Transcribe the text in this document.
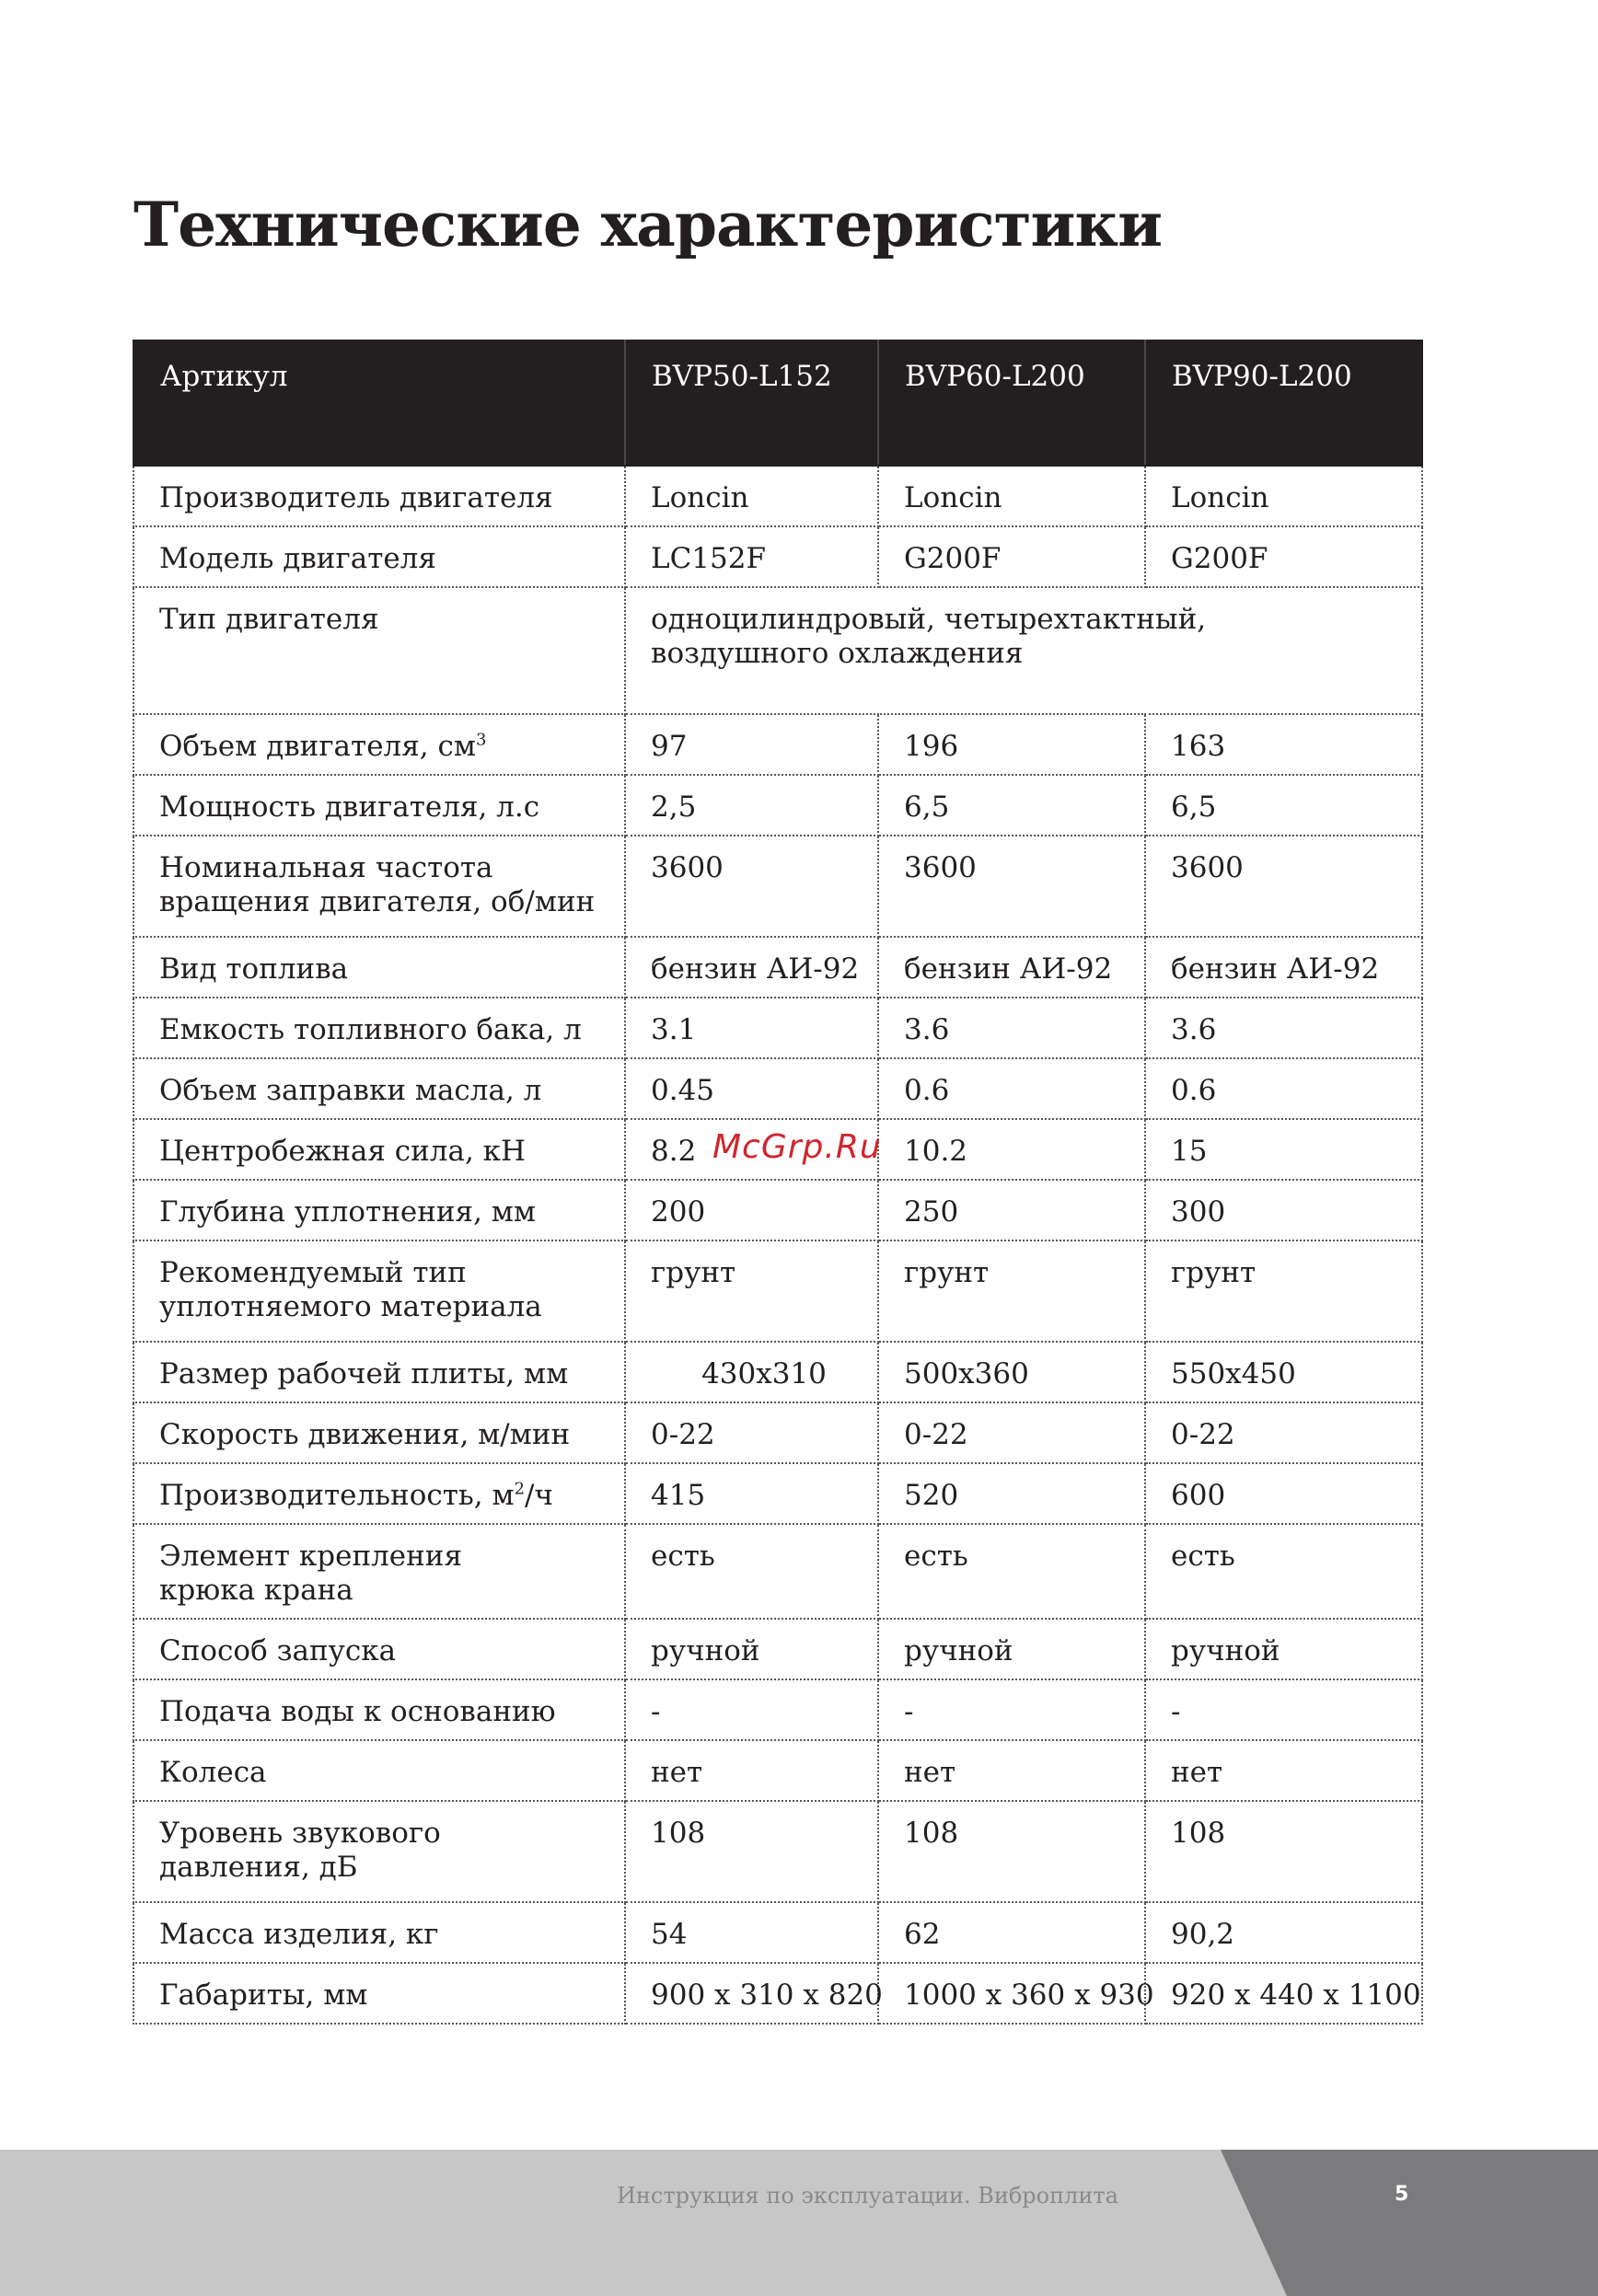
Технические характеристики
Артикул	BVP50-L152	BVP60-L200	BVP90-L200
Производитель двигателя	Loncin	Loncin	Loncin
Модель двигателя	LC152F	G200F	G200F
Тип двигателя	одноцилиндровый, четырехтактный,
воздушного охлаждения		
Объем двигателя, $см^3$	97	196	163
Мощность двигателя, л.с	2,5	6,5	6,5
Номинальная частота
вращения двигателя, об/мин	3600	3600	3600
Вид топлива	бензин АИ-92	бензин АИ-92	бензин АИ-92
Емкость топливного бака, л	3.1	3.6	3.6
Объем заправки масла, л	0.45	0.6	0.6
Центробежная сила, кН	8.2	10.2	15
Глубина уплотнения, мм	200	250	300
Рекомендуемый тип
уплотняемого материала	грунт	грунт	грунт
Размер рабочей плиты, мм	430х310	500х360	550х450
Скорость движения, м/мин	0-22	0-22	0-22
Производительность, $м^2/ч$	415	520	600
Элемент крепления
крюка крана	есть	есть	есть
Способ запуска	ручной	ручной	ручной
Подача воды к основанию	-	-	-
Колеса	нет	нет	нет
Уровень звукового
давления, дБ	108	108	108
Масса изделия, кг	54	62	90,2
Габариты, мм	900 х 310 х 820	1000 х 360 х 930	920 х 440 х 1100
McGrp.Ru
Инструкция по эксплуатации. Виброплита	5
